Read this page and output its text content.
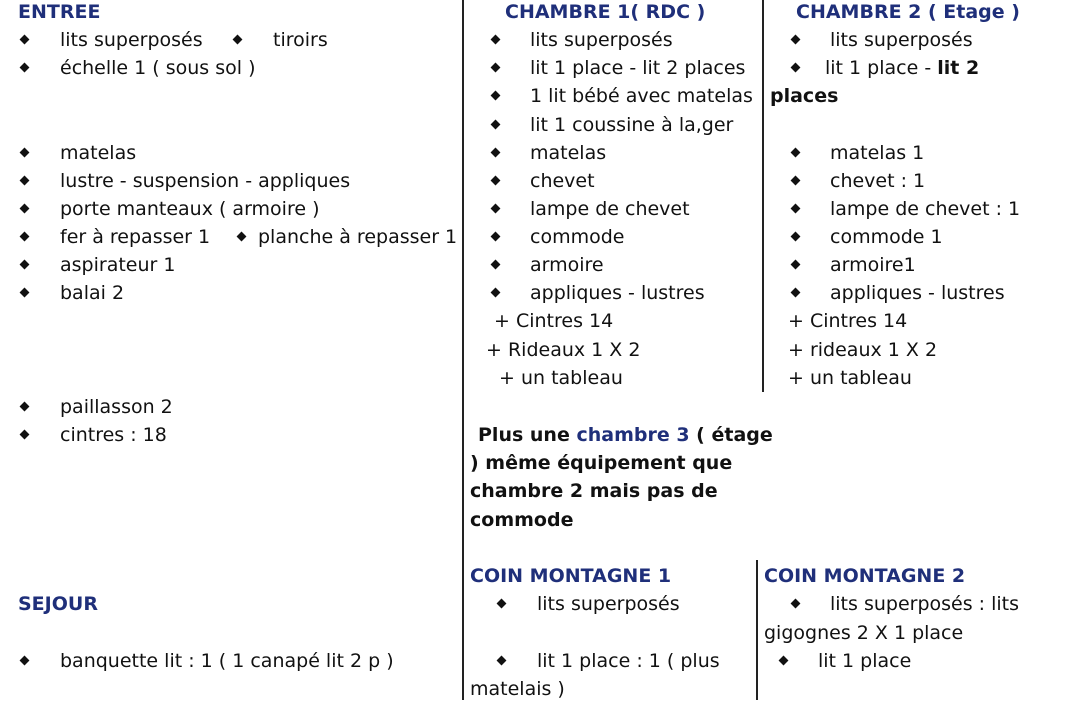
ENTREE
lits superposés	tiroirs
échelle 1 ( sous sol )
matelas
lustre - suspension - appliques
porte manteaux ( armoire )
fer à repasser 1	planche à repasser 1
aspirateur 1
balai 2
paillasson 2
cintres : 18
SEJOUR
banquette lit : 1 ( 1 canapé lit 2 p )
CHAMBRE 1( RDC )
lits superposés
lit 1 place - lit 2 places
1 lit bébé avec matelas
lit 1 coussine à la,ger
matelas
chevet
lampe de chevet
commode
armoire
appliques - lustres
+ Cintres 14
+ Rideaux 1 X 2
+ un tableau
CHAMBRE 2 ( Etage )
lits superposés
lit 1 place - lit 2
places
matelas 1
chevet : 1
lampe de chevet : 1
commode 1
armoire1
appliques - lustres
+ Cintres 14
+ rideaux 1 X 2
+ un tableau
Plus une chambre 3 ( étage
) même équipement que
chambre 2 mais pas de
commode
COIN MONTAGNE 1
lits superposés
lit 1 place : 1 ( plus
matelais )
COIN MONTAGNE 2
lits superposés : lits
gigognes 2 X 1 place
lit 1 place
